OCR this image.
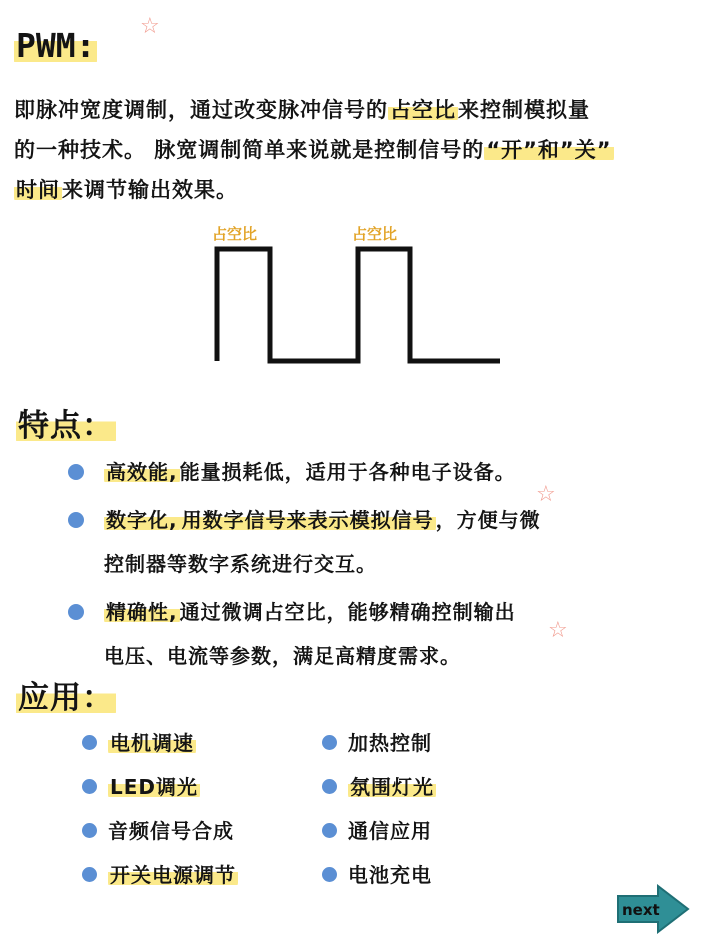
PWM: ☆

即脉冲宽度调制，通过改变脉冲信号的占空比来控制模拟量

的一种技术。 脉宽调制简单来说就是控制信号的“开”和”关”

时间来调节输出效果。

占空比	占空比
特点：

高效能, 能量损耗低，适用于各种电子设备。

数字化, 用数字信号来表示模拟信号 ，方便与微

控制器等数字系统进行交互。

精确性, 通过微调占空比，能够精确控制输出

电压、电流等参数，满足高精度需求。

☆
☆
应用：
电机调速
LED调光
音频信号合成
开关电源调节
加热控制
氛围灯光
通信应用
电池充电
next
